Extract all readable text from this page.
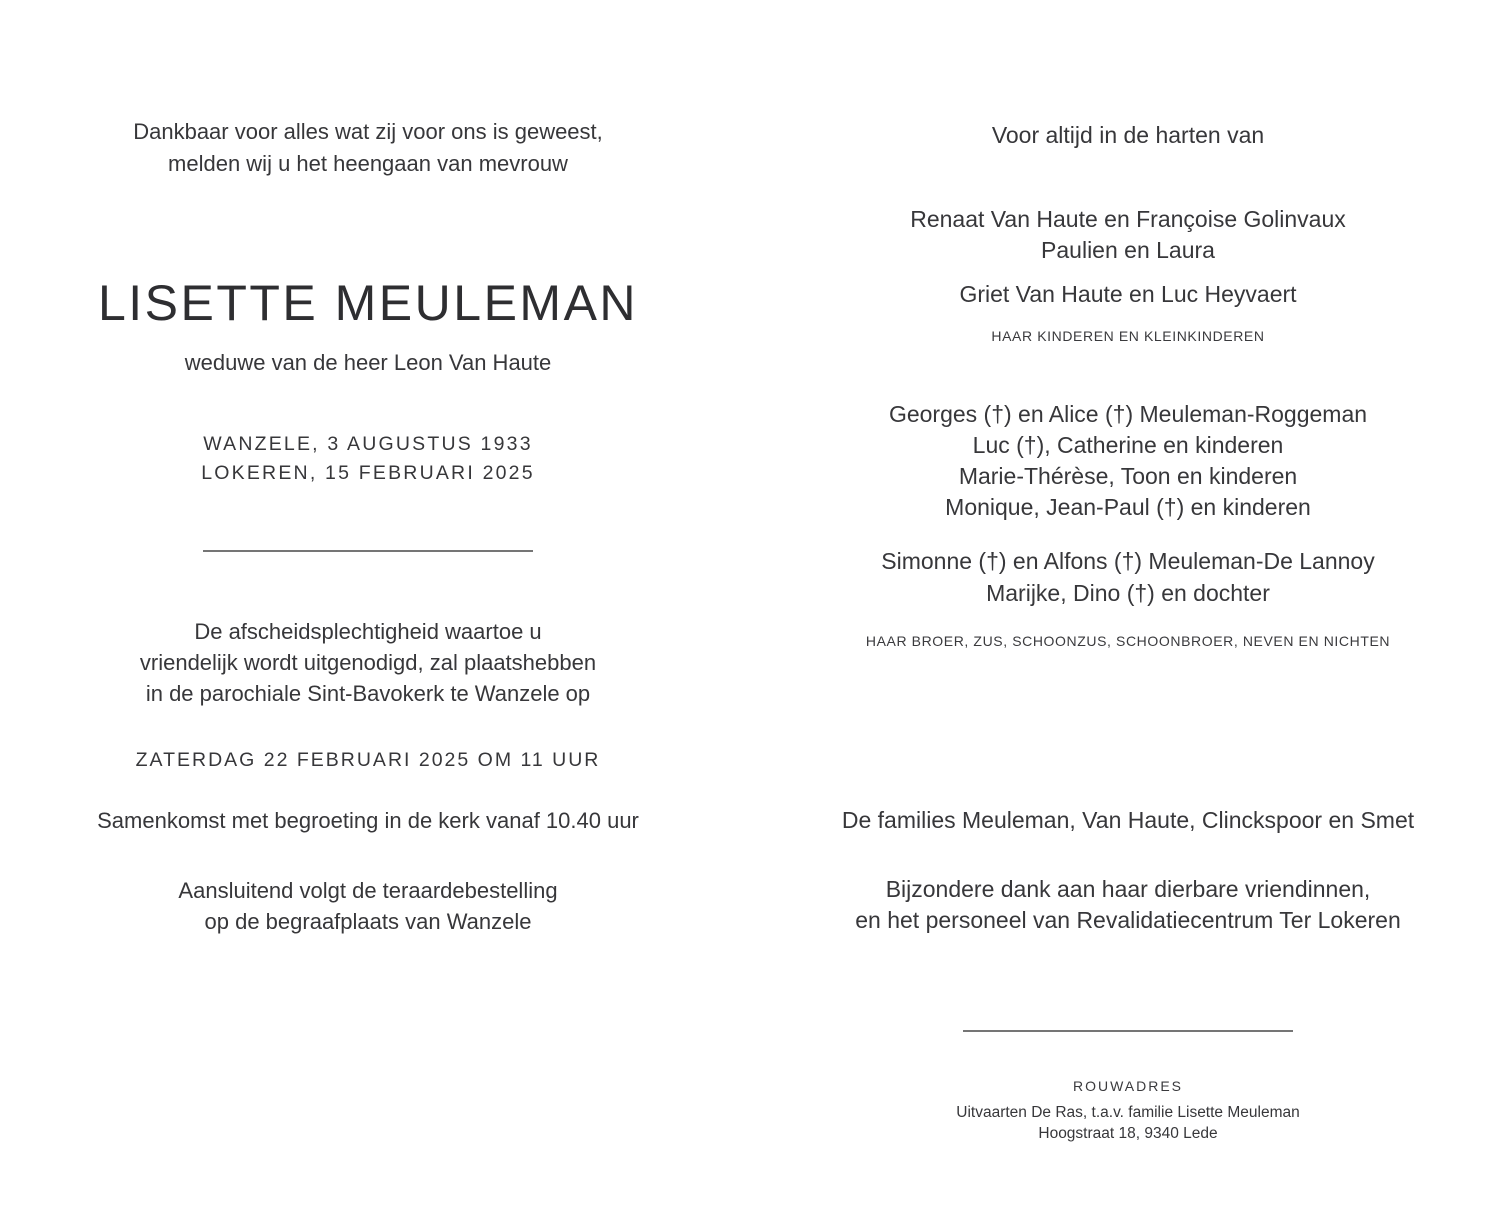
Dankbaar voor alles wat zij voor ons is geweest,
melden wij u het heengaan van mevrouw
LISETTE MEULEMAN
weduwe van de heer Leon Van Haute
WANZELE, 3 AUGUSTUS 1933
LOKEREN, 15 FEBRUARI 2025
De afscheidsplechtigheid waartoe u
vriendelijk wordt uitgenodigd, zal plaatshebben
in de parochiale Sint-Bavokerk te Wanzele op
ZATERDAG 22 FEBRUARI 2025 OM 11 UUR
Samenkomst met begroeting in de kerk vanaf 10.40 uur
Aansluitend volgt de teraardebestelling
op de begraafplaats van Wanzele
Voor altijd in de harten van
Renaat Van Haute en Françoise Golinvaux
Paulien en Laura
Griet Van Haute en Luc Heyvaert
HAAR KINDEREN EN KLEINKINDEREN
Georges (†) en Alice (†) Meuleman-Roggeman
Luc (†), Catherine en kinderen
Marie-Thérèse, Toon en kinderen
Monique, Jean-Paul (†) en kinderen
Simonne (†) en Alfons (†) Meuleman-De Lannoy
Marijke, Dino (†) en dochter
HAAR BROER, ZUS, SCHOONZUS, SCHOONBROER, NEVEN EN NICHTEN
De families Meuleman, Van Haute, Clinckspoor en Smet
Bijzondere dank aan haar dierbare vriendinnen,
en het personeel van Revalidatiecentrum Ter Lokeren
ROUWADRES
Uitvaarten De Ras, t.a.v. familie Lisette Meuleman
Hoogstraat 18, 9340 Lede
